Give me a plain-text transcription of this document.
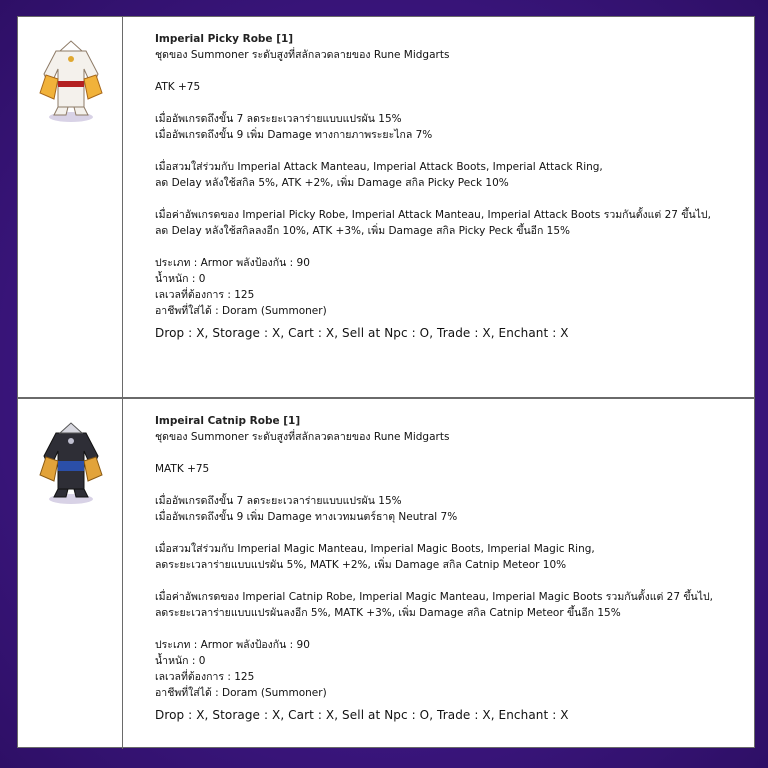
Imperial Picky Robe [1]
ชุดของ Summoner ระดับสูงที่สลักลวดลายของ Rune Midgarts
ATK +75
เมื่ออัพเกรดถึงขั้น 7 ลดระยะเวลาร่ายแบบแปรผัน 15%
เมื่ออัพเกรดถึงขั้น 9 เพิ่ม Damage ทางกายภาพระยะไกล 7%
เมื่อสวมใส่ร่วมกับ Imperial Attack Manteau, Imperial Attack Boots, Imperial Attack Ring,
ลด Delay หลังใช้สกิล 5%, ATK +2%, เพิ่ม Damage สกิล Picky Peck 10%
เมื่อค่าอัพเกรดของ Imperial Picky Robe, Imperial Attack Manteau, Imperial Attack Boots รวมกันตั้งแต่ 27 ขึ้นไป,
ลด Delay หลังใช้สกิลลงอีก 10%, ATK +3%, เพิ่ม Damage สกิล Picky Peck ขึ้นอีก 15%
ประเภท : Armor พลังป้องกัน : 90
น้ำหนัก : 0
เลเวลที่ต้องการ : 125
อาชีพที่ใส่ได้ : Doram (Summoner)
Drop : X, Storage : X, Cart : X, Sell at Npc : O, Trade : X, Enchant : X
Impeiral Catnip Robe [1]
ชุดของ Summoner ระดับสูงที่สลักลวดลายของ Rune Midgarts
MATK +75
เมื่ออัพเกรดถึงขั้น 7 ลดระยะเวลาร่ายแบบแปรผัน 15%
เมื่ออัพเกรดถึงขั้น 9 เพิ่ม Damage ทางเวทมนตร์ธาตุ Neutral 7%
เมื่อสวมใส่ร่วมกับ Imperial Magic Manteau, Imperial Magic Boots, Imperial Magic Ring,
ลดระยะเวลาร่ายแบบแปรผัน 5%, MATK +2%, เพิ่ม Damage สกิล Catnip Meteor 10%
เมื่อค่าอัพเกรดของ Imperial Catnip Robe, Imperial Magic Manteau, Imperial Magic Boots รวมกันตั้งแต่ 27 ขึ้นไป,
ลดระยะเวลาร่ายแบบแปรผันลงอีก 5%, MATK +3%, เพิ่ม Damage สกิล Catnip Meteor ขึ้นอีก 15%
ประเภท : Armor พลังป้องกัน : 90
น้ำหนัก : 0
เลเวลที่ต้องการ : 125
อาชีพที่ใส่ได้ : Doram (Summoner)
Drop : X, Storage : X, Cart : X, Sell at Npc : O, Trade : X, Enchant : X
